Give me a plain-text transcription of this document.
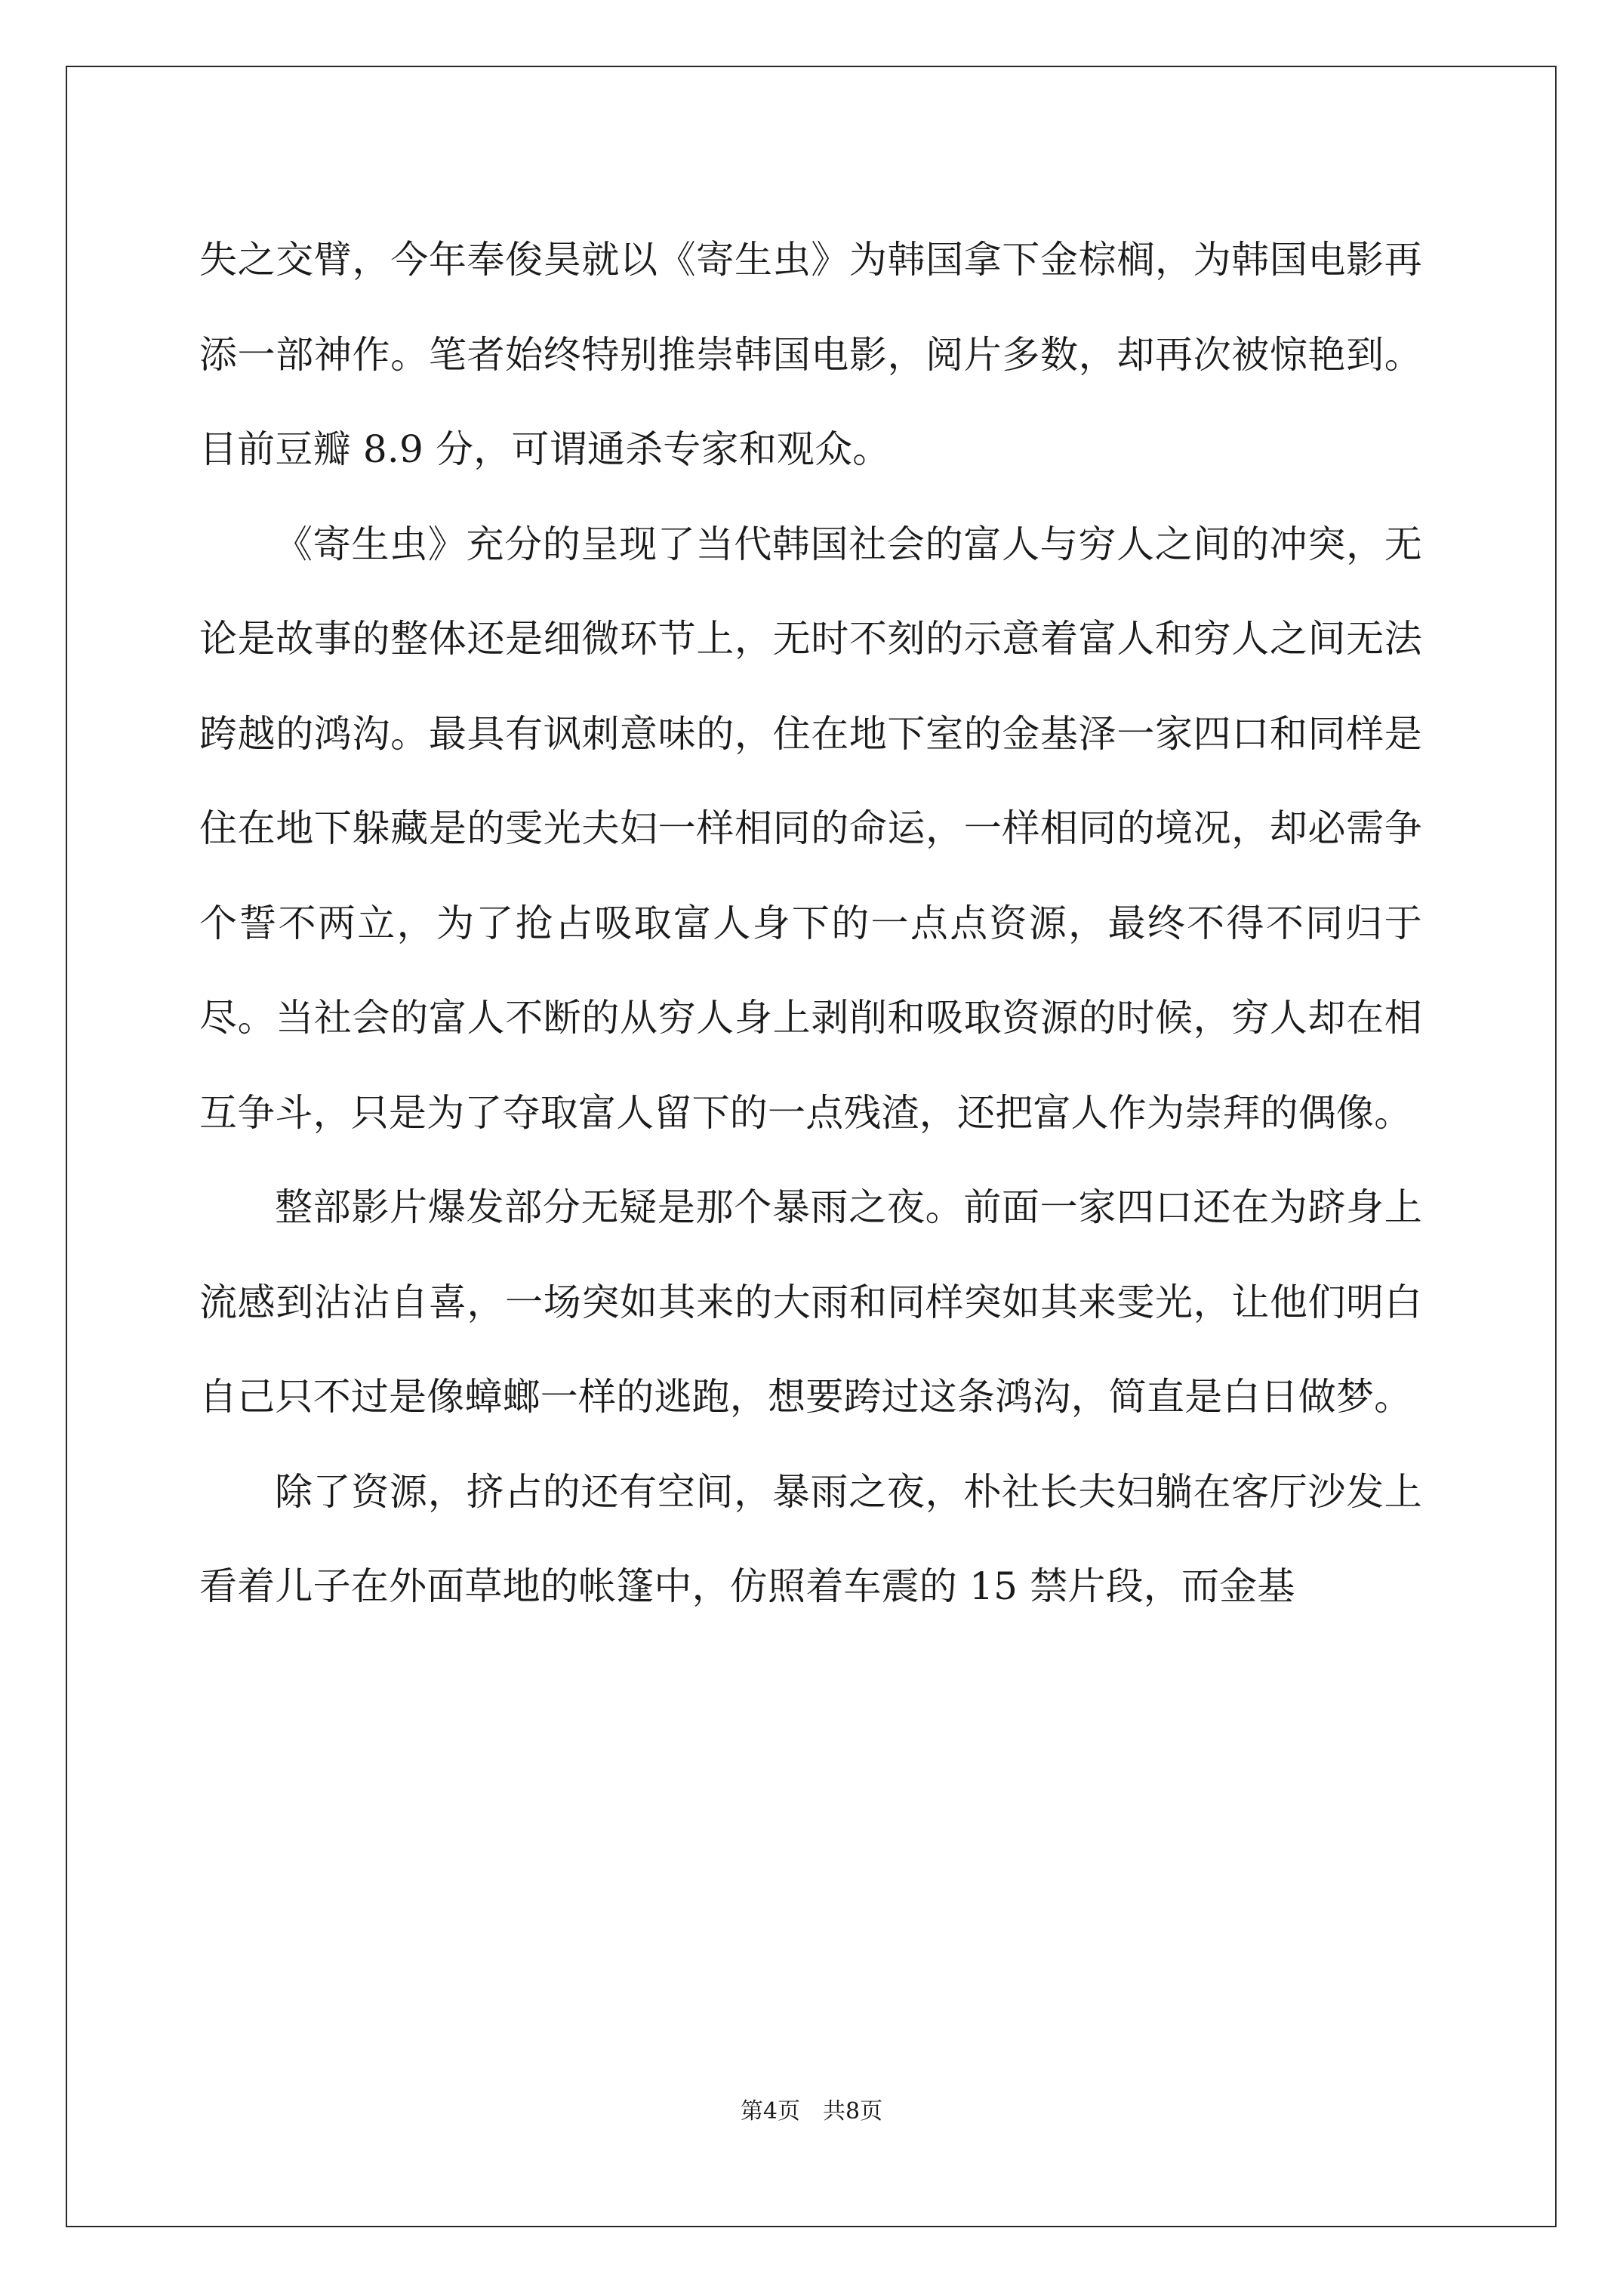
失之交臂，今年奉俊昊就以《寄生虫》为韩国拿下金棕榈，为韩国电影再添一部神作。笔者始终特别推崇韩国电影，阅片多数，却再次被惊艳到。目前豆瓣 8.9 分，可谓通杀专家和观众。

《寄生虫》充分的呈现了当代韩国社会的富人与穷人之间的冲突，无论是故事的整体还是细微环节上，无时不刻的示意着富人和穷人之间无法跨越的鸿沟。最具有讽刺意味的，住在地下室的金基泽一家四口和同样是住在地下躲藏是的雯光夫妇一样相同的命运，一样相同的境况，却必需争个誓不两立，为了抢占吸取富人身下的一点点资源，最终不得不同归于尽。当社会的富人不断的从穷人身上剥削和吸取资源的时候，穷人却在相互争斗，只是为了夺取富人留下的一点残渣，还把富人作为崇拜的偶像。

整部影片爆发部分无疑是那个暴雨之夜。前面一家四口还在为跻身上流感到沾沾自喜，一场突如其来的大雨和同样突如其来雯光，让他们明白自己只不过是像蟑螂一样的逃跑，想要跨过这条鸿沟，简直是白日做梦。

除了资源，挤占的还有空间，暴雨之夜，朴社长夫妇躺在客厅沙发上看着儿子在外面草地的帐篷中，仿照着车震的 15 禁片段，而金基

第4页 共8页
